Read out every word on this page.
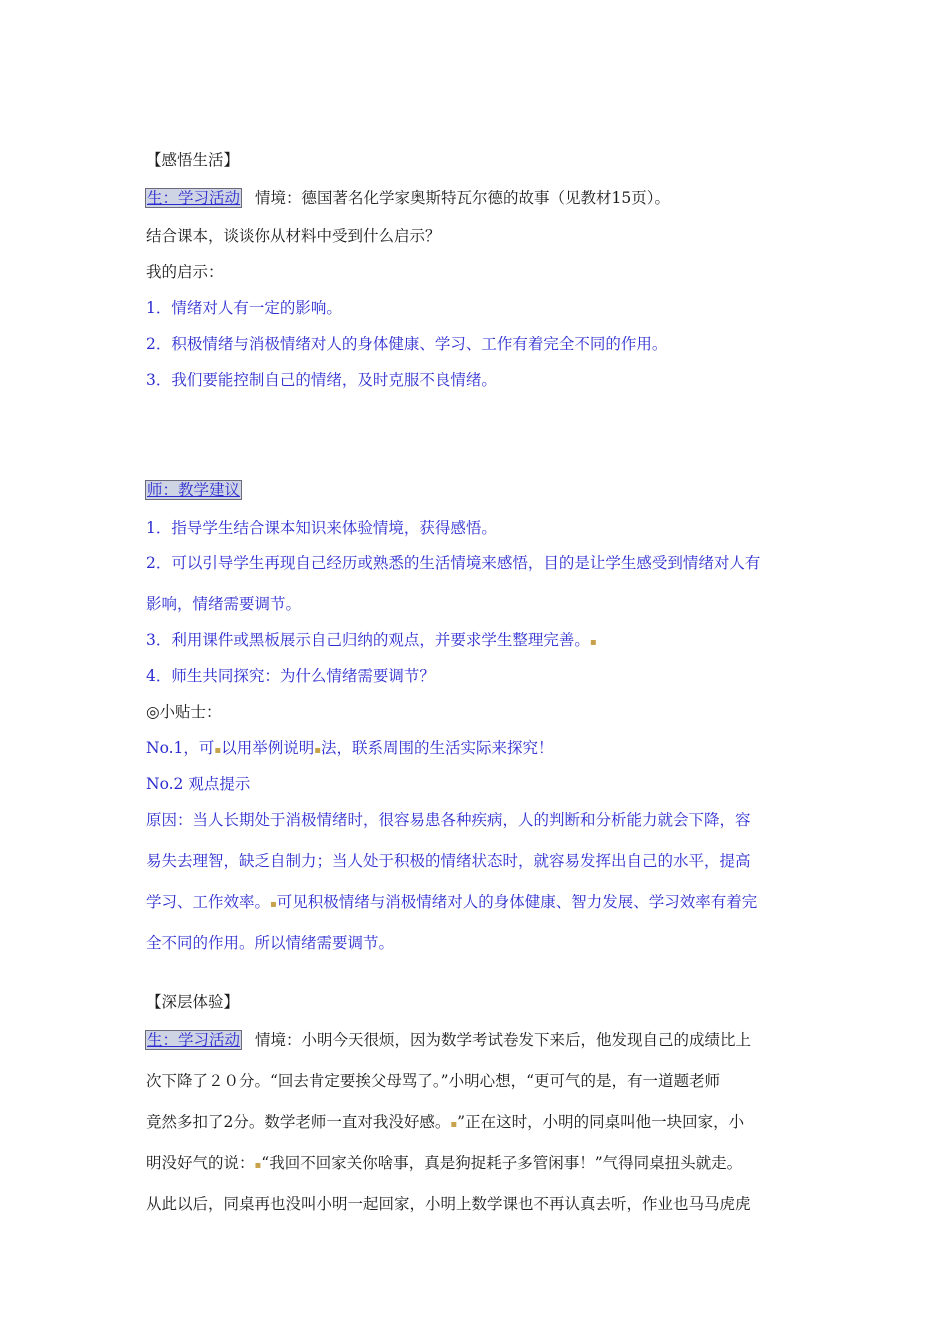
【感悟生活】
生：学习活动 情境：德国著名化学家奥斯特瓦尔德的故事（见教材15页）。
结合课本，谈谈你从材料中受到什么启示？
我的启示：
1．情绪对人有一定的影响。
2．积极情绪与消极情绪对人的身体健康、学习、工作有着完全不同的作用。
3．我们要能控制自己的情绪，及时克服不良情绪。
师：教学建议
1．指导学生结合课本知识来体验情境，获得感悟。
2．可以引导学生再现自己经历或熟悉的生活情境来感悟，目的是让学生感受到情绪对人有
影响，情绪需要调节。
3．利用课件或黑板展示自己归纳的观点，并要求学生整理完善。▪
4．师生共同探究：为什么情绪需要调节？
◎小贴士：
No.1，可▪以用举例说明▪法，联系周围的生活实际来探究！
No.2 观点提示
原因：当人长期处于消极情绪时，很容易患各种疾病，人的判断和分析能力就会下降，容
易失去理智，缺乏自制力；当人处于积极的情绪状态时，就容易发挥出自己的水平，提高
学习、工作效率。▪可见积极情绪与消极情绪对人的身体健康、智力发展、学习效率有着完
全不同的作用。所以情绪需要调节。
【深层体验】
生：学习活动 情境：小明今天很烦，因为数学考试卷发下来后，他发现自己的成绩比上
次下降了２０分。“回去肯定要挨父母骂了。”小明心想，“更可气的是，有一道题老师
竟然多扣了2分。数学老师一直对我没好感。▪”正在这时，小明的同桌叫他一块回家，小
明没好气的说：▪“我回不回家关你啥事，真是狗捉耗子多管闲事！”气得同桌扭头就走。
从此以后，同桌再也没叫小明一起回家，小明上数学课也不再认真去听，作业也马马虎虎
